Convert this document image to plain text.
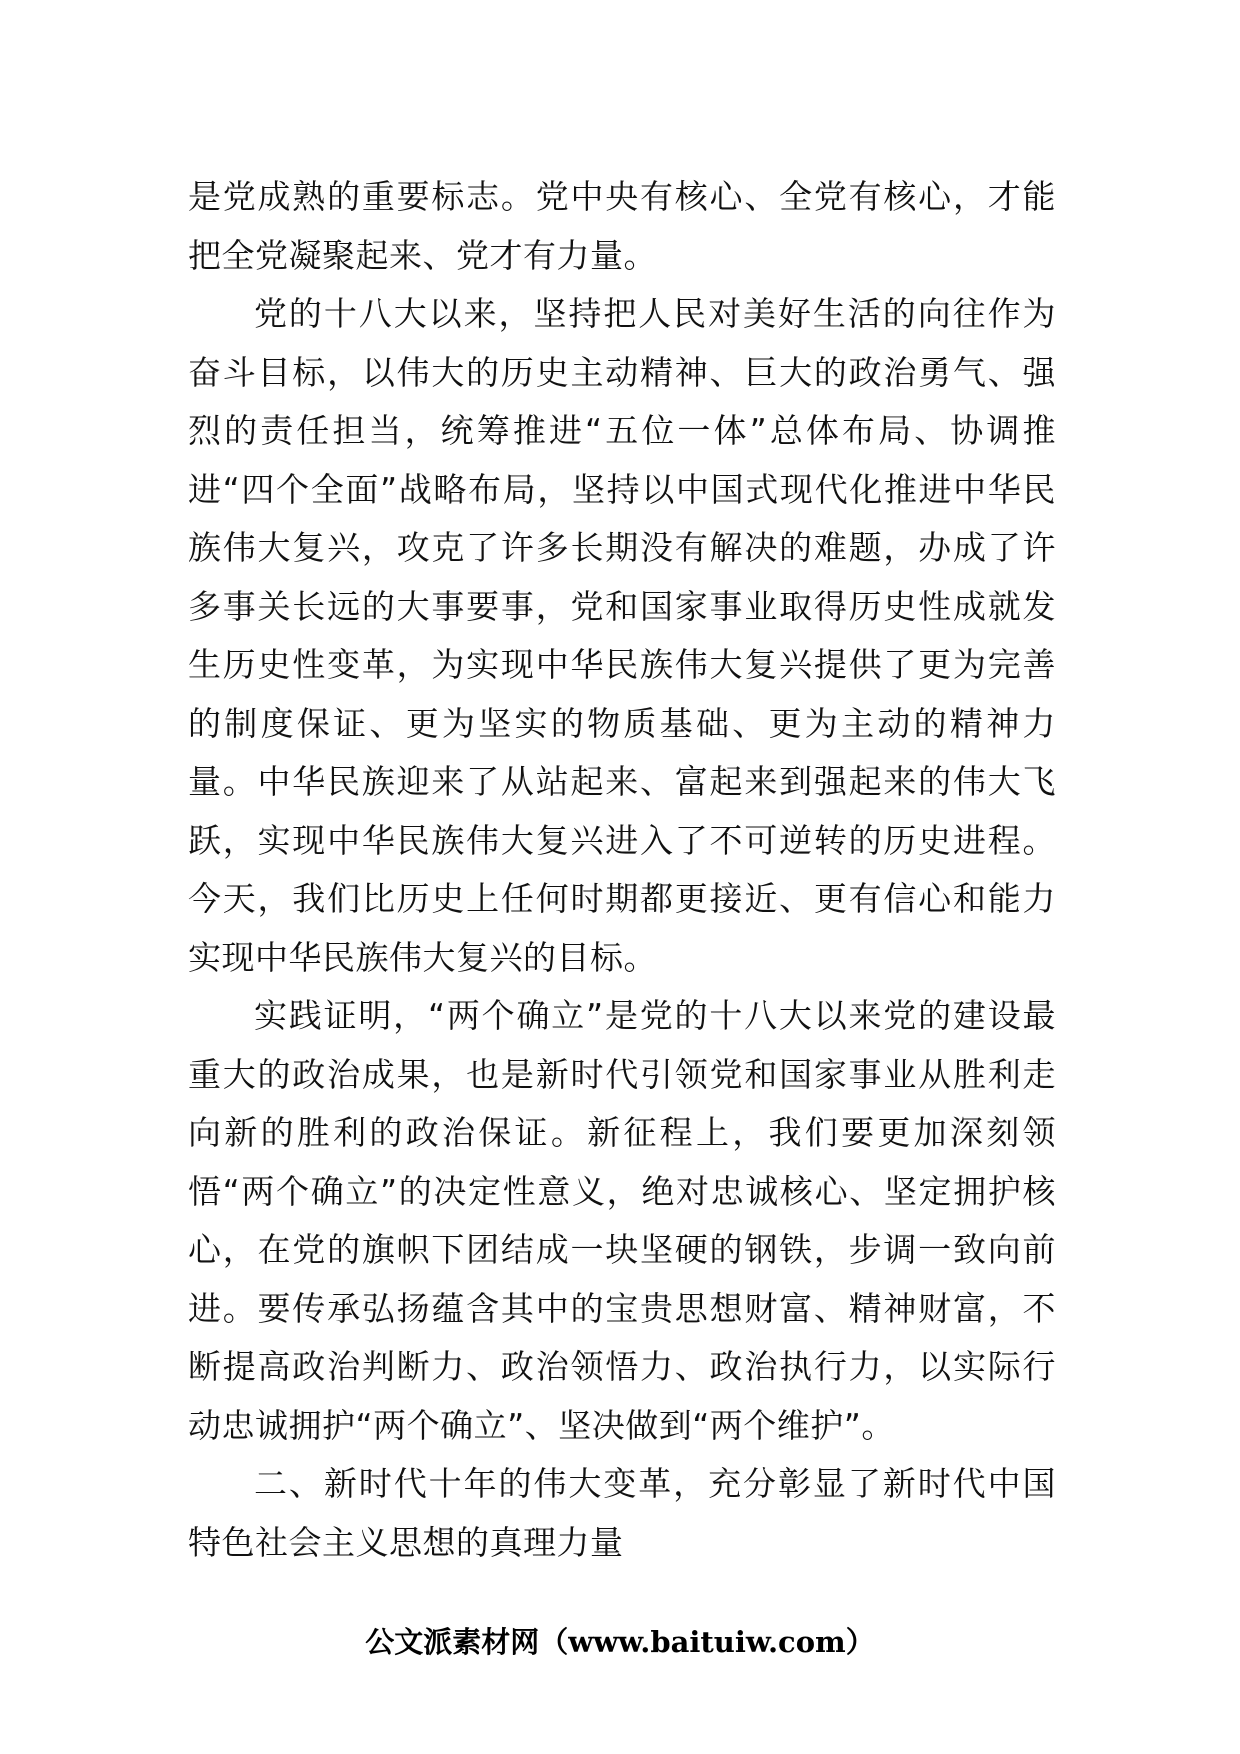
是党成熟的重要标志。党中央有核心、全党有核心，才能把全党凝聚起来、党才有力量。

党的十八大以来，坚持把人民对美好生活的向往作为奋斗目标，以伟大的历史主动精神、巨大的政治勇气、强烈的责任担当，统筹推进“五位一体”总体布局、协调推进“四个全面”战略布局，坚持以中国式现代化推进中华民族伟大复兴，攻克了许多长期没有解决的难题，办成了许多事关长远的大事要事，党和国家事业取得历史性成就发生历史性变革，为实现中华民族伟大复兴提供了更为完善的制度保证、更为坚实的物质基础、更为主动的精神力量。中华民族迎来了从站起来、富起来到强起来的伟大飞跃，实现中华民族伟大复兴进入了不可逆转的历史进程。今天，我们比历史上任何时期都更接近、更有信心和能力实现中华民族伟大复兴的目标。

实践证明，“两个确立”是党的十八大以来党的建设最重大的政治成果，也是新时代引领党和国家事业从胜利走向新的胜利的政治保证。新征程上，我们要更加深刻领悟“两个确立”的决定性意义，绝对忠诚核心、坚定拥护核心，在党的旗帜下团结成一块坚硬的钢铁，步调一致向前进。要传承弘扬蕴含其中的宝贵思想财富、精神财富，不断提高政治判断力、政治领悟力、政治执行力，以实际行动忠诚拥护“两个确立”、坚决做到“两个维护”。

二、新时代十年的伟大变革，充分彰显了新时代中国特色社会主义思想的真理力量

公文派素材网（www.baituiw.com）
